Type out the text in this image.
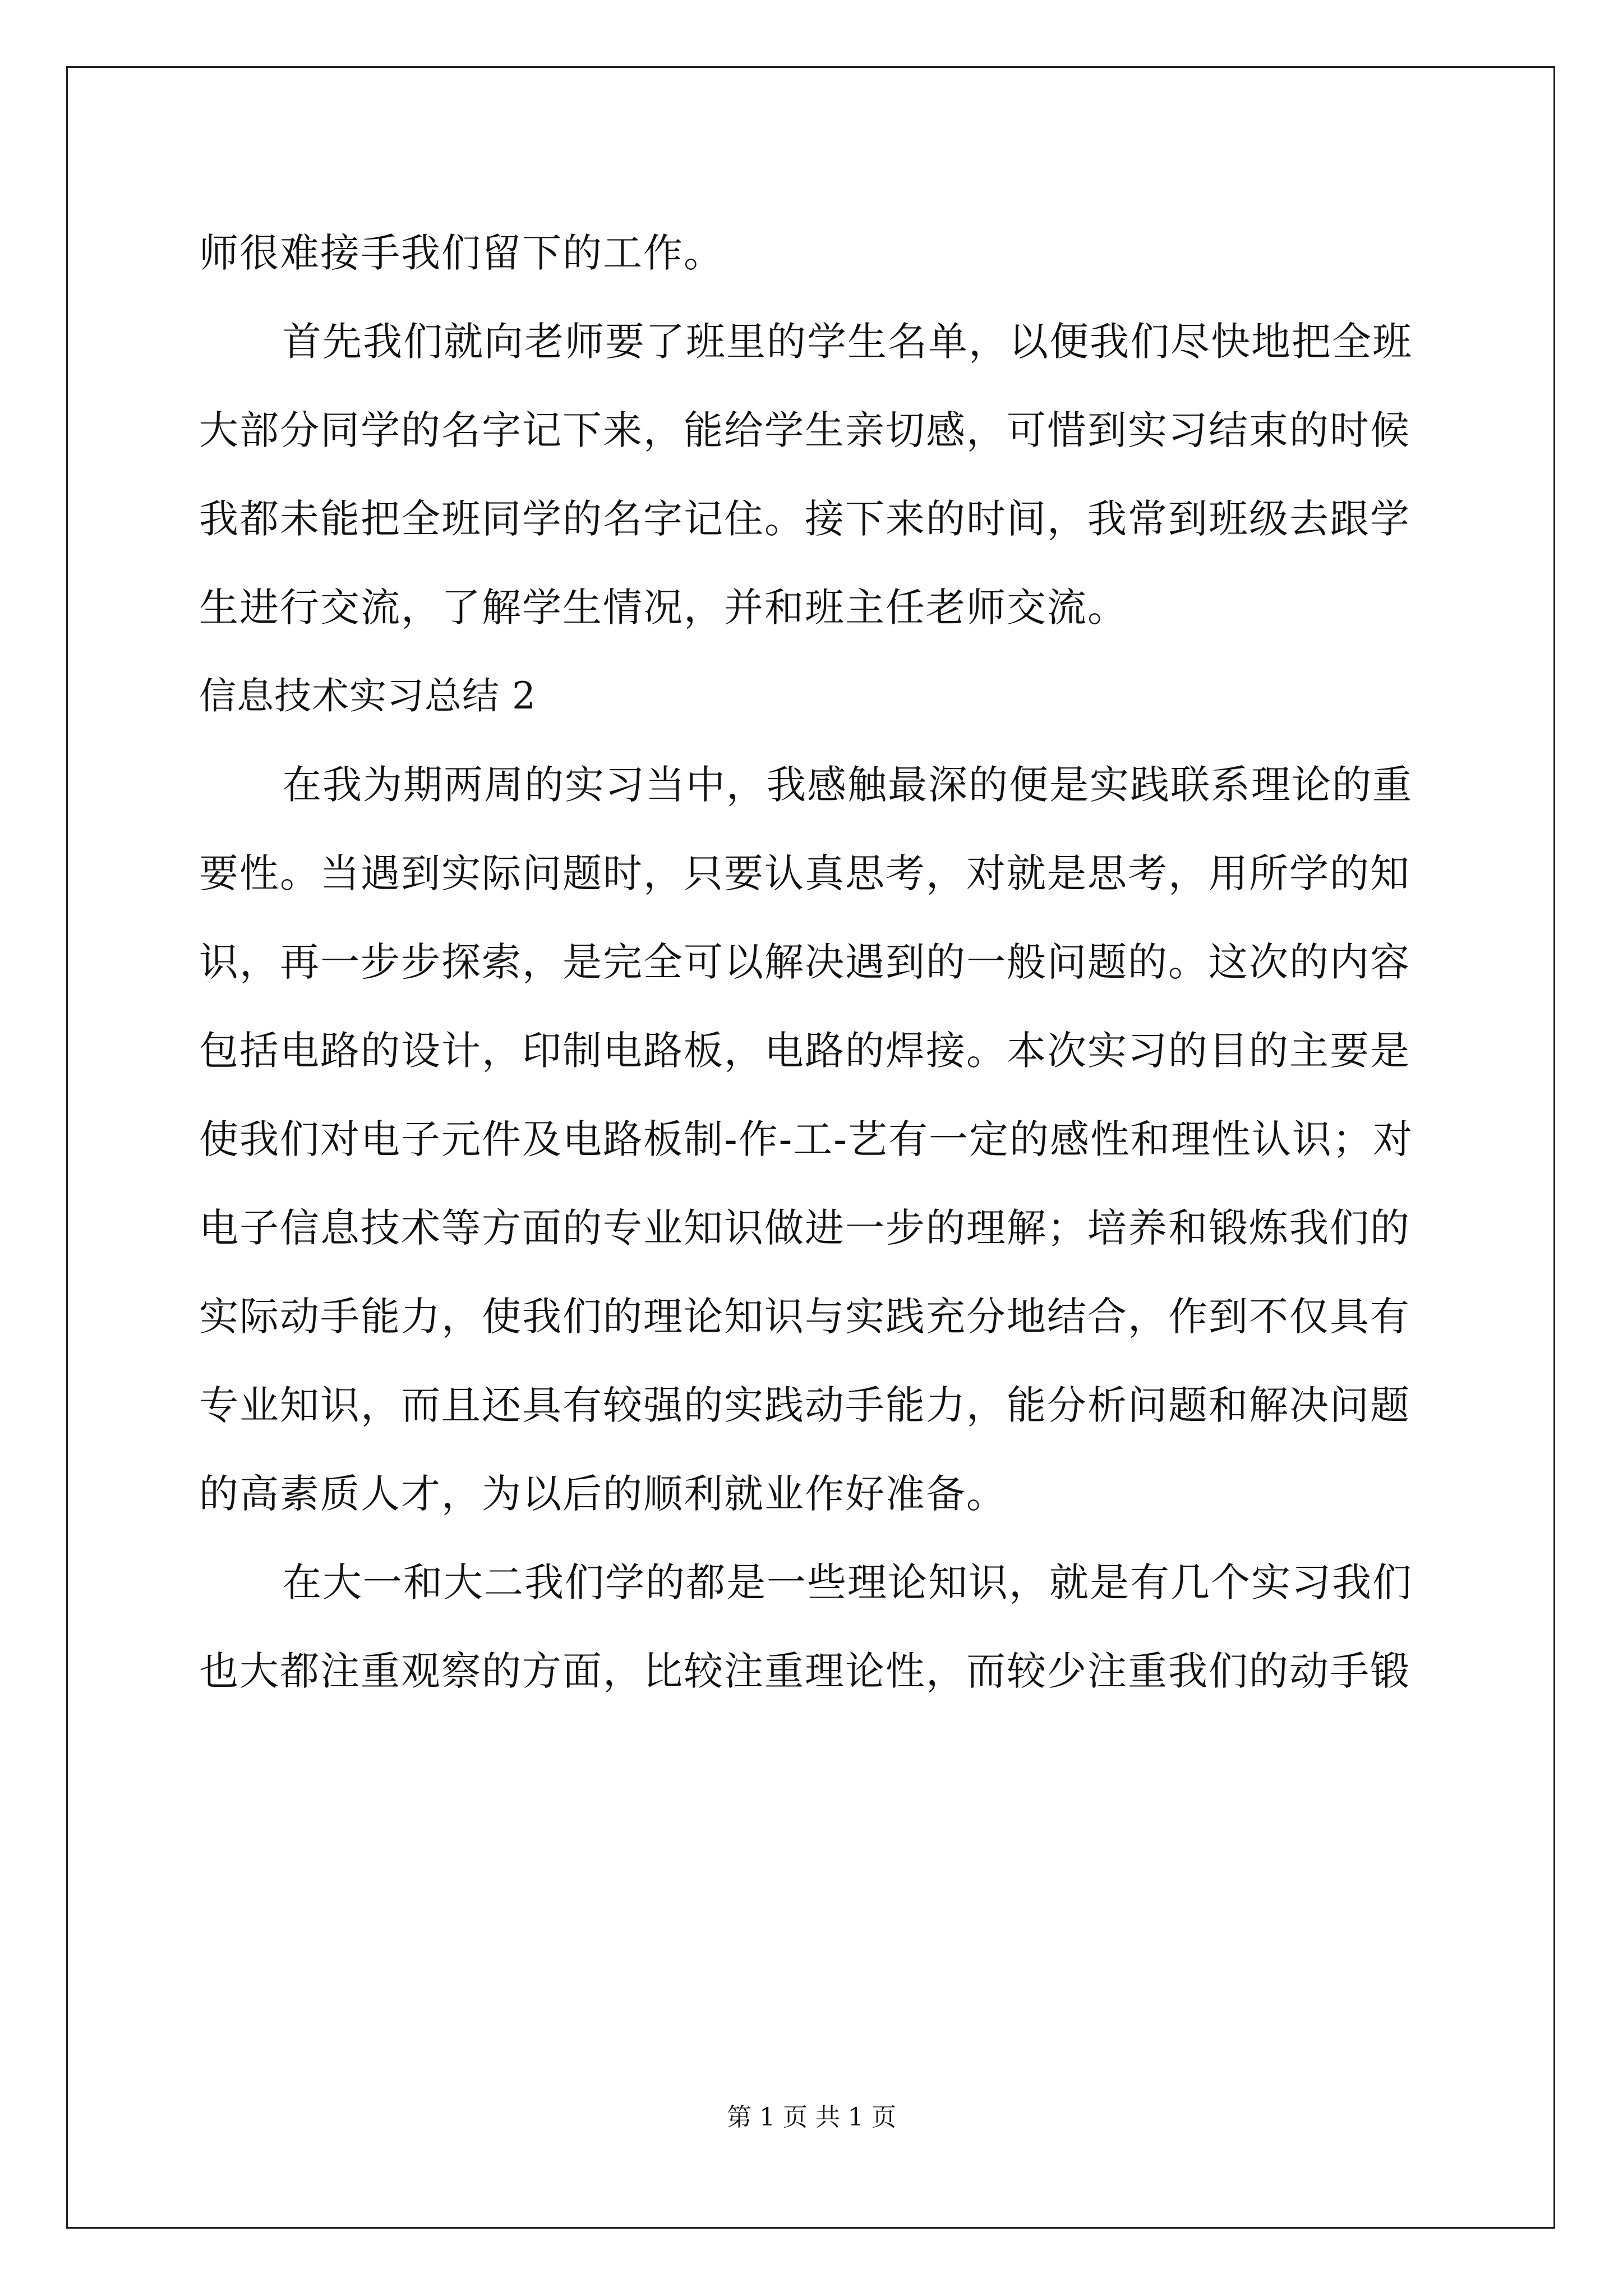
师很难接手我们留下的工作。
首先我们就向老师要了班里的学生名单，以便我们尽快地把全班
大部分同学的名字记下来，能给学生亲切感，可惜到实习结束的时候
我都未能把全班同学的名字记住。接下来的时间，我常到班级去跟学
生进行交流，了解学生情况，并和班主任老师交流。
信息技术实习总结 2
在我为期两周的实习当中，我感触最深的便是实践联系理论的重
要性。当遇到实际问题时，只要认真思考，对就是思考，用所学的知
识，再一步步探索，是完全可以解决遇到的一般问题的。这次的内容
包括电路的设计，印制电路板，电路的焊接。本次实习的目的主要是
使我们对电子元件及电路板制-作-工-艺有一定的感性和理性认识；对
电子信息技术等方面的专业知识做进一步的理解；培养和锻炼我们的
实际动手能力，使我们的理论知识与实践充分地结合，作到不仅具有
专业知识，而且还具有较强的实践动手能力，能分析问题和解决问题
的高素质人才，为以后的顺利就业作好准备。
在大一和大二我们学的都是一些理论知识，就是有几个实习我们
也大都注重观察的方面，比较注重理论性，而较少注重我们的动手锻
第 1 页 共 1 页
